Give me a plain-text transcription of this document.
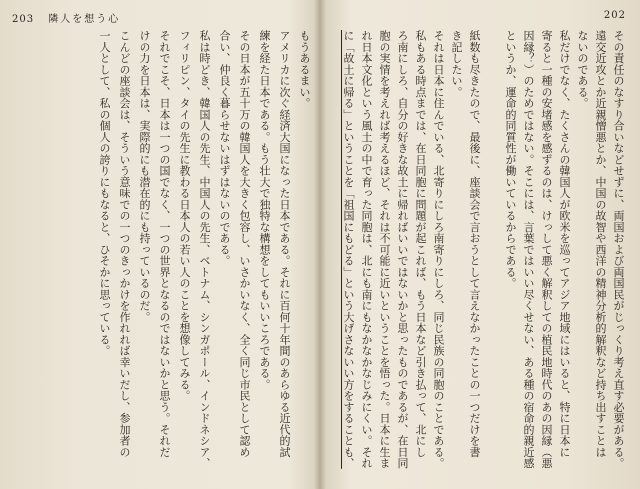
203 隣人を想う心	202
その責任のなすり合いなどせずに、両国および両国民がじっくり考え直す必要がある。
遠交近攻とか近親憎悪とか、中国の故智や西洋の精神分析的解釈など持ち出すことは
ないのである。
私だけでなく、たくさんの韓国人が欧米を巡ってアジア地域にはいると、特に日本に
寄ると一種の安堵感を感ずるのは、けっして悪く解釈しての植民地時代のあの因縁（悪
因縁？）のためではない。そこには、言葉ではいい尽くせない、ある種の宿命的親近感
というか、運命的同質性が働いているからである。
紙数も尽きたので、最後に、座談会で言おうとして言えなかったことの一つだけを書
き記したい。
それは日本に住んでいる、北寄りにしろ南寄りにしろ、同じ民族の同胞のことである。
私もある時点までは、在日同胞に問題が起これば、もう日本など引き払って、北にし
ろ南にしろ、自分の好きな故土に帰ればいいではないかと思ったものであるが、在日同
胞の実情を考えれば考えるほど、それは不可能に近いということを悟った。日本に生ま
れ日本文化という風土の中で育った同胞は、北にも南にもなかなかなじみにくい。それ
に「故土に帰る」ということを「祖国にもどる」という大げさないい方をすることも、
もうあるまい。
アメリカに次ぐ経済大国になった日本である。それに百何十年間のあらゆる近代的試
練を経た日本である。もう壮大で独特な構想をしてもいいころである。
その日本が五十万の韓国人を大きく包容し、いさかいなく、全く同じ市民として認め
合い、仲良く暮らせないはずはないのである。
私は時どき、韓国人の先生、中国人の先生、ベトナム、シンガポール、インドネシア、
フィリピン、タイの先生に教わる日本人の若い人のことを想像してみる。
それでこそ、日本は一つの国でなく、一つの世界となるのではないかと思う。それだ
けの力を日本は、実際的にも潜在的にも持っているのだ。
こんどの座談会は、そういう意味での一つのきっかけを作れれば幸いだし、参加者の
一人として、私の個人の誇りにもなると、ひそかに思っている。
